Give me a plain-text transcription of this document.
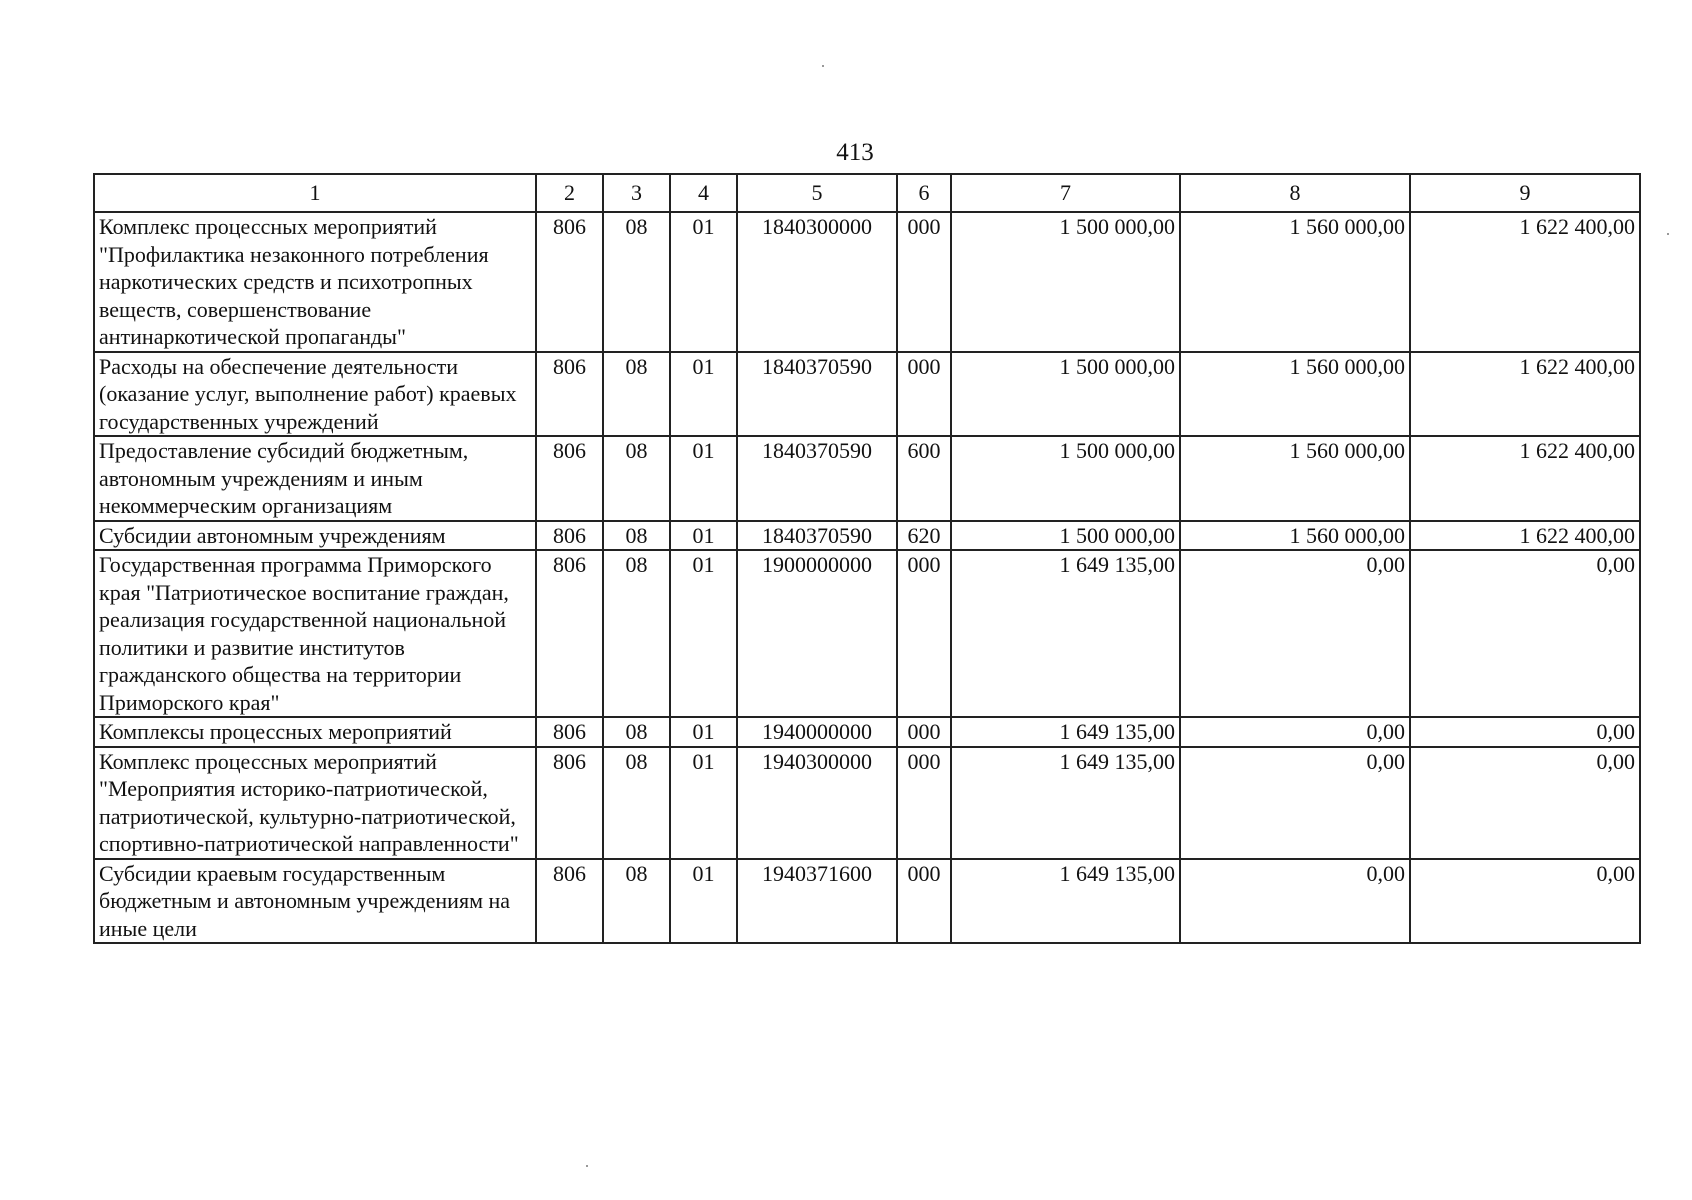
413
1	2	3	4	5	6	7	8	9
Комплекс процессных мероприятий "Профилактика незаконного потребления наркотических средств и психотропных веществ, совершенствование антинаркотической пропаганды"	806	08	01	1840300000	000	1 500 000,00	1 560 000,00	1 622 400,00
Расходы на обеспечение деятельности (оказание услуг, выполнение работ) краевых государственных учреждений	806	08	01	1840370590	000	1 500 000,00	1 560 000,00	1 622 400,00
Предоставление субсидий бюджетным, автономным учреждениям и иным некоммерческим организациям	806	08	01	1840370590	600	1 500 000,00	1 560 000,00	1 622 400,00
Субсидии автономным учреждениям	806	08	01	1840370590	620	1 500 000,00	1 560 000,00	1 622 400,00
Государственная программа Приморского края "Патриотическое воспитание граждан, реализация государственной национальной политики и развитие институтов гражданского общества на территории Приморского края"	806	08	01	1900000000	000	1 649 135,00	0,00	0,00
Комплексы процессных мероприятий	806	08	01	1940000000	000	1 649 135,00	0,00	0,00
Комплекс процессных мероприятий "Мероприятия историко-патриотической, патриотической, культурно-патриотической, спортивно-патриотической направленности"	806	08	01	1940300000	000	1 649 135,00	0,00	0,00
Субсидии краевым государственным бюджетным и автономным учреждениям на иные цели	806	08	01	1940371600	000	1 649 135,00	0,00	0,00
